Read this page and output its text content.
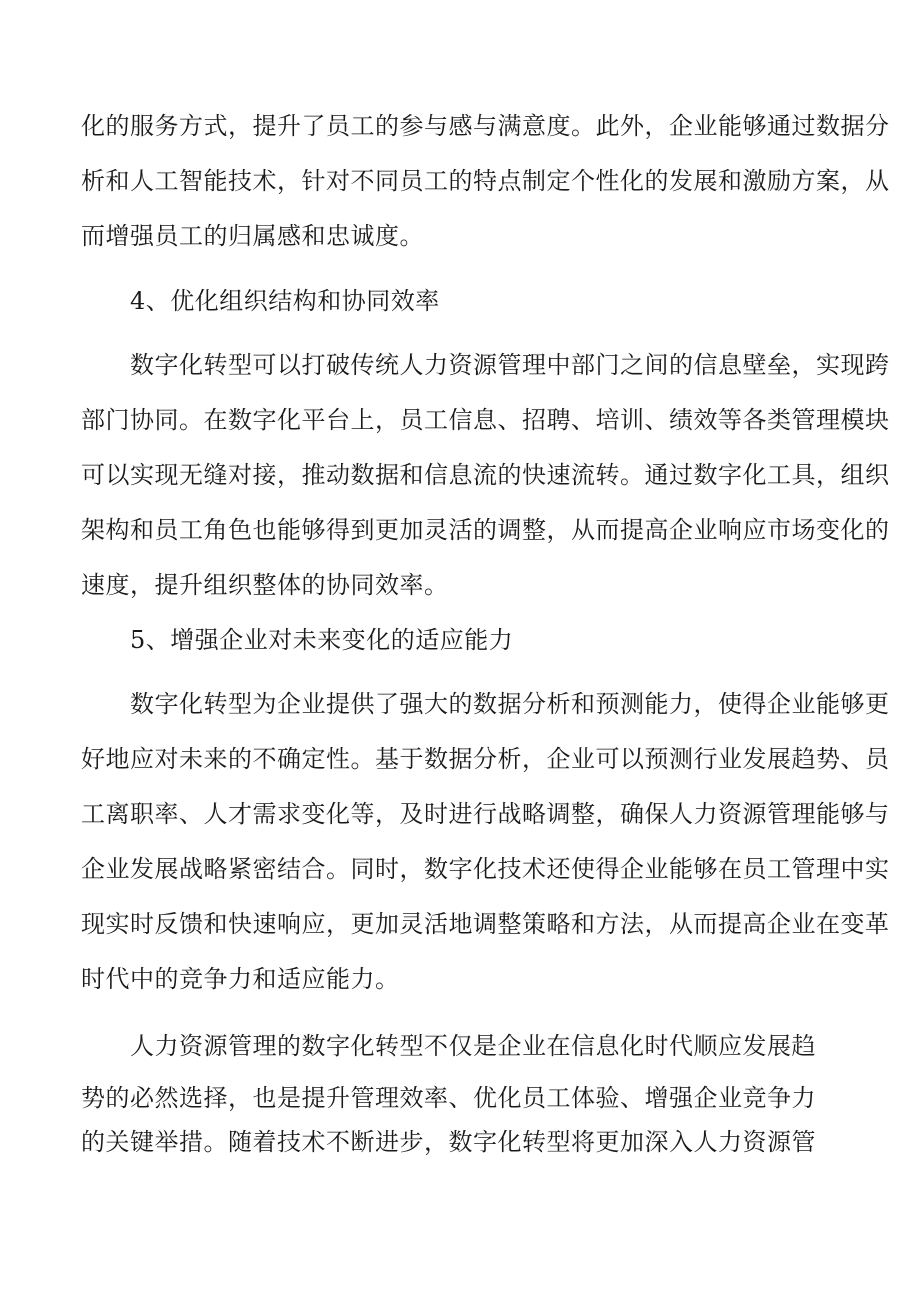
化的服务方式，提升了员工的参与感与满意度。此外，企业能够通过数据分
析和人工智能技术，针对不同员工的特点制定个性化的发展和激励方案，从
而增强员工的归属感和忠诚度。
4、优化组织结构和协同效率
数字化转型可以打破传统人力资源管理中部门之间的信息壁垒，实现跨
部门协同。在数字化平台上，员工信息、招聘、培训、绩效等各类管理模块
可以实现无缝对接，推动数据和信息流的快速流转。通过数字化工具，组织
架构和员工角色也能够得到更加灵活的调整，从而提高企业响应市场变化的
速度，提升组织整体的协同效率。
5、增强企业对未来变化的适应能力
数字化转型为企业提供了强大的数据分析和预测能力，使得企业能够更
好地应对未来的不确定性。基于数据分析，企业可以预测行业发展趋势、员
工离职率、人才需求变化等，及时进行战略调整，确保人力资源管理能够与
企业发展战略紧密结合。同时，数字化技术还使得企业能够在员工管理中实
现实时反馈和快速响应，更加灵活地调整策略和方法，从而提高企业在变革
时代中的竞争力和适应能力。
人力资源管理的数字化转型不仅是企业在信息化时代顺应发展趋
势的必然选择，也是提升管理效率、优化员工体验、增强企业竞争力
的关键举措。随着技术不断进步，数字化转型将更加深入人力资源管
